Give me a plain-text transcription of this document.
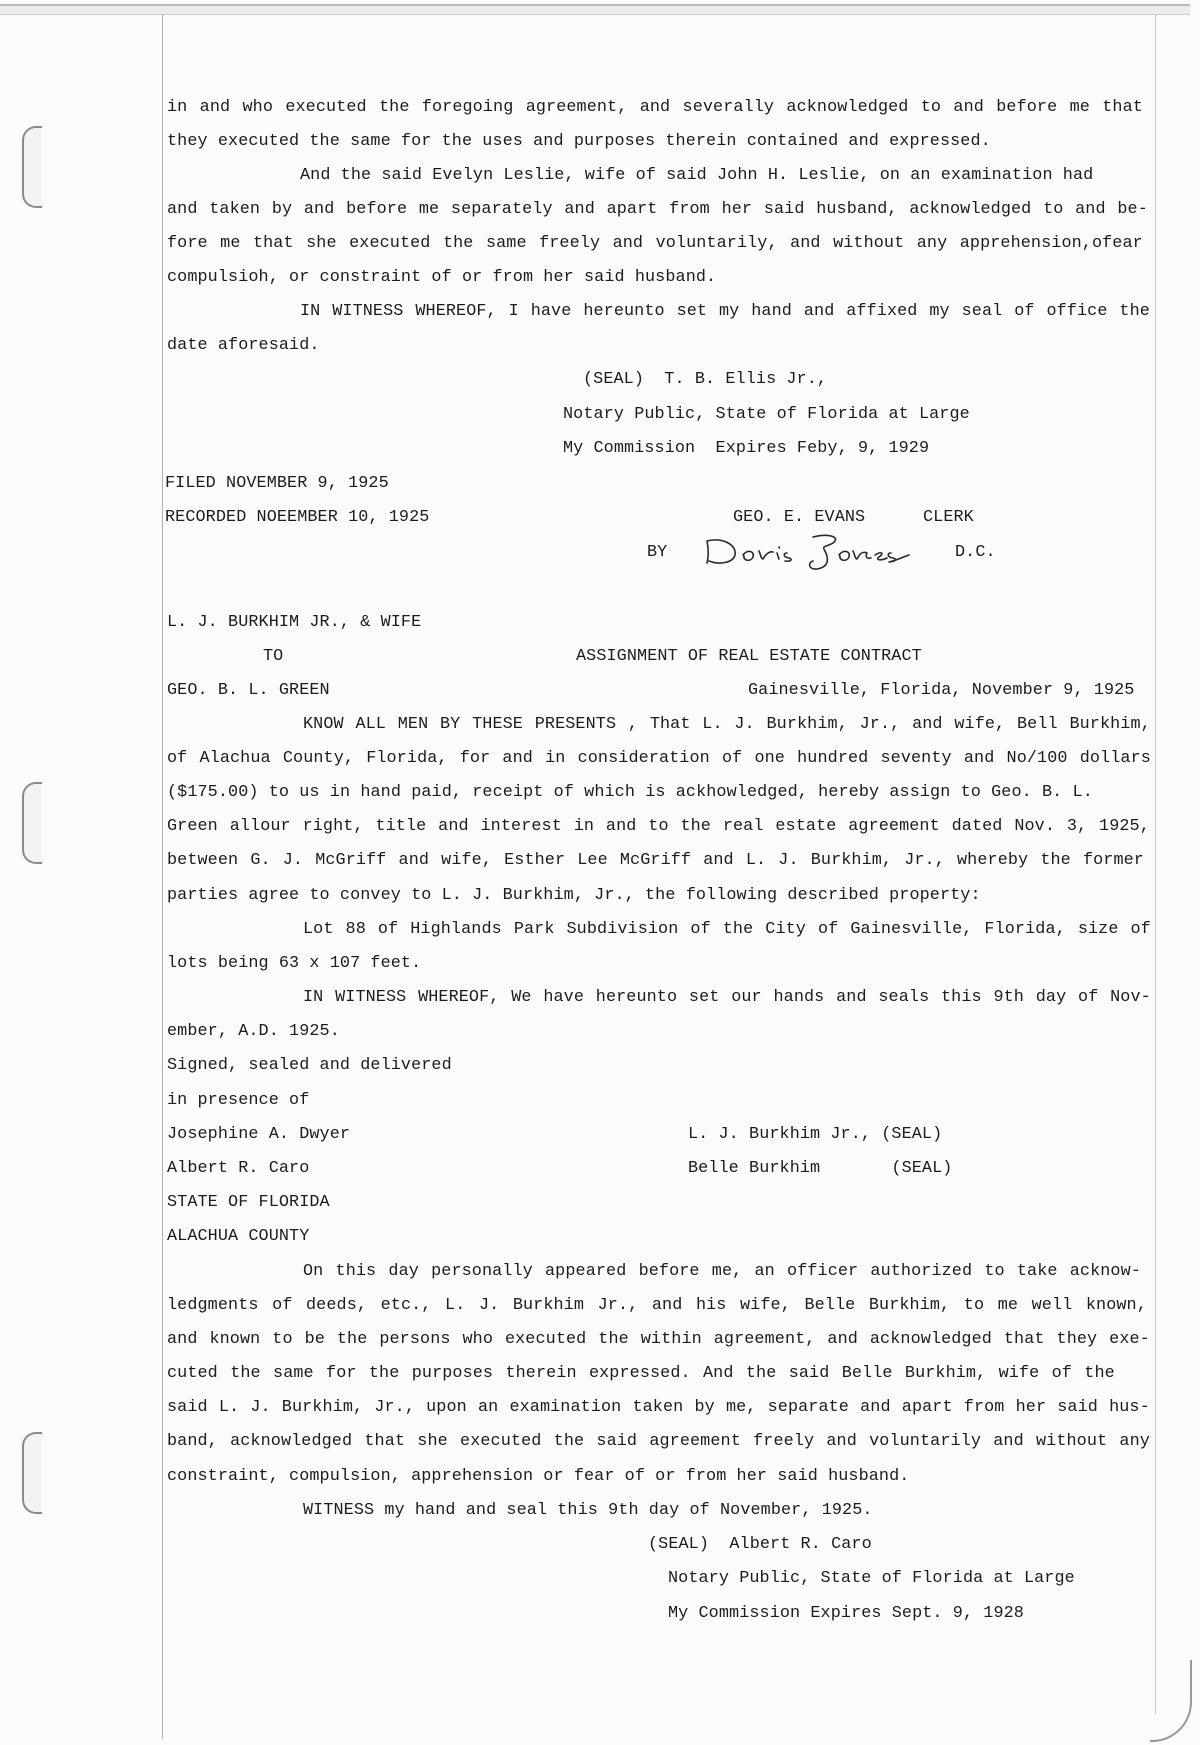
in and who executed the foregoing agreement, and severally acknowledged to and before me that
they executed the same for the uses and purposes therein contained and expressed.
And the said Evelyn Leslie, wife of said John H. Leslie, on an examination had
and taken by and before me separately and apart from her said husband, acknowledged to and be-
fore me that she executed the same freely and voluntarily, and without any apprehension,ofear
compulsioh, or constraint of or from her said husband.
IN WITNESS WHEREOF, I have hereunto set my hand and affixed my seal of office the
date aforesaid.
(SEAL)  T. B. Ellis Jr.,
Notary Public, State of Florida at Large
My Commission  Expires Feby, 9, 1929
FILED NOVEMBER 9, 1925
RECORDED NOEEMBER 10, 1925	GEO. E. EVANS	CLERK
BY	D.C.
L. J. BURKHIM JR., & WIFE
TO	ASSIGNMENT OF REAL ESTATE CONTRACT
GEO. B. L. GREEN	Gainesville, Florida, November 9, 1925
KNOW ALL MEN BY THESE PRESENTS , That L. J. Burkhim, Jr., and wife, Bell Burkhim,
of Alachua County, Florida, for and in consideration of one hundred seventy and No/100 dollars
($175.00) to us in hand paid, receipt of which is ackhowledged, hereby assign to Geo. B. L.
Green allour right, title and interest in and to the real estate agreement dated Nov. 3, 1925,
between G. J. McGriff and wife, Esther Lee McGriff and L. J. Burkhim, Jr., whereby the former
parties agree to convey to L. J. Burkhim, Jr., the following described property:
Lot 88 of Highlands Park Subdivision of the City of Gainesville, Florida, size of
lots being 63 x 107 feet.
IN WITNESS WHEREOF, We have hereunto set our hands and seals this 9th day of Nov-
ember, A.D. 1925.
Signed, sealed and delivered
in presence of
Josephine A. Dwyer	L. J. Burkhim Jr., (SEAL)
Albert R. Caro	Belle Burkhim       (SEAL)
STATE OF FLORIDA
ALACHUA COUNTY
On this day personally appeared before me, an officer authorized to take acknow-
ledgments of deeds, etc., L. J. Burkhim Jr., and his wife, Belle Burkhim, to me well known,
and known to be the persons who executed the within agreement, and acknowledged that they exe-
cuted the same for the purposes therein expressed. And the said Belle Burkhim, wife of the
said L. J. Burkhim, Jr., upon an examination taken by me, separate and apart from her said hus-
band, acknowledged that she executed the said agreement freely and voluntarily and without any
constraint, compulsion, apprehension or fear of or from her said husband.
WITNESS my hand and seal this 9th day of November, 1925.
(SEAL)  Albert R. Caro
Notary Public, State of Florida at Large
My Commission Expires Sept. 9, 1928
